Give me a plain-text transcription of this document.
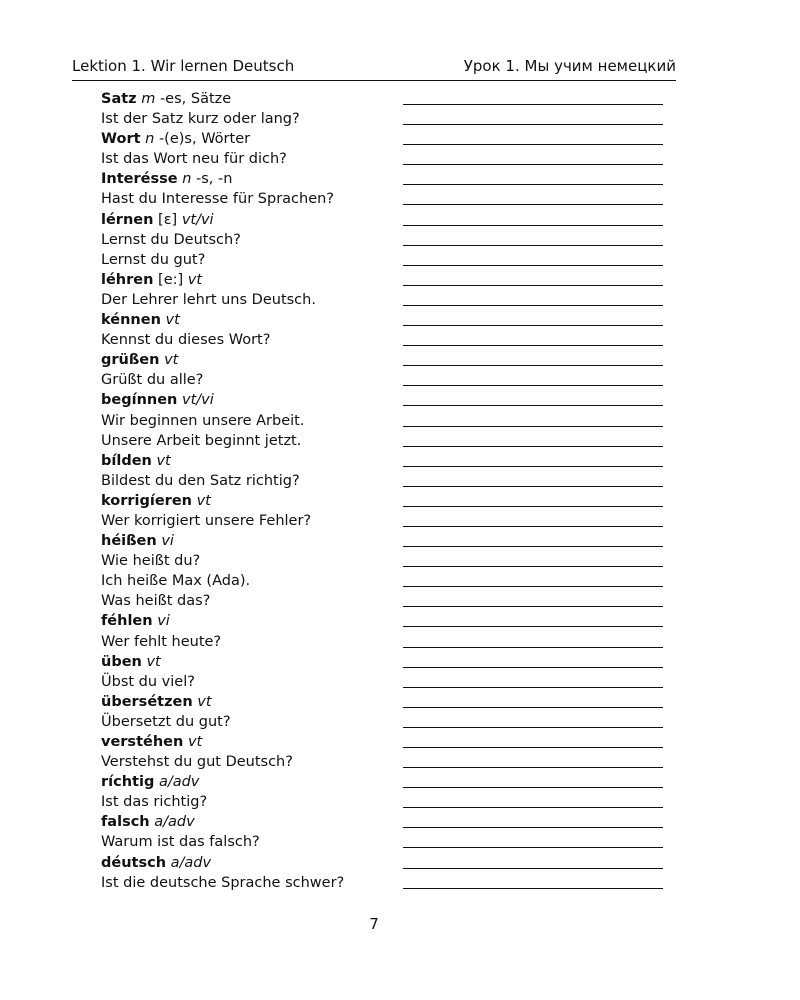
Lektion 1. Wir lernen Deutsch	Урок 1. Мы учим немецкий
Satz m -es, Sätze
Ist der Satz kurz oder lang?
Wort n -(e)s, Wörter
Ist das Wort neu für dich?
Interésse n -s, -n
Hast du Interesse für Sprachen?
lérnen [ɛ] vt/vi
Lernst du Deutsch?
Lernst du gut?
léhren [e:] vt
Der Lehrer lehrt uns Deutsch.
kénnen vt
Kennst du dieses Wort?
grüßen vt
Grüßt du alle?
begínnen vt/vi
Wir beginnen unsere Arbeit.
Unsere Arbeit beginnt jetzt.
bílden vt
Bildest du den Satz richtig?
korrigíeren vt
Wer korrigiert unsere Fehler?
héißen vi
Wie heißt du?
Ich heiße Max (Ada).
Was heißt das?
féhlen vi
Wer fehlt heute?
üben vt
Übst du viel?
übersétzen vt
Übersetzt du gut?
verstéhen vt
Verstehst du gut Deutsch?
ríchtig a/adv
Ist das richtig?
falsch a/adv
Warum ist das falsch?
déutsch a/adv
Ist die deutsche Sprache schwer?
7
